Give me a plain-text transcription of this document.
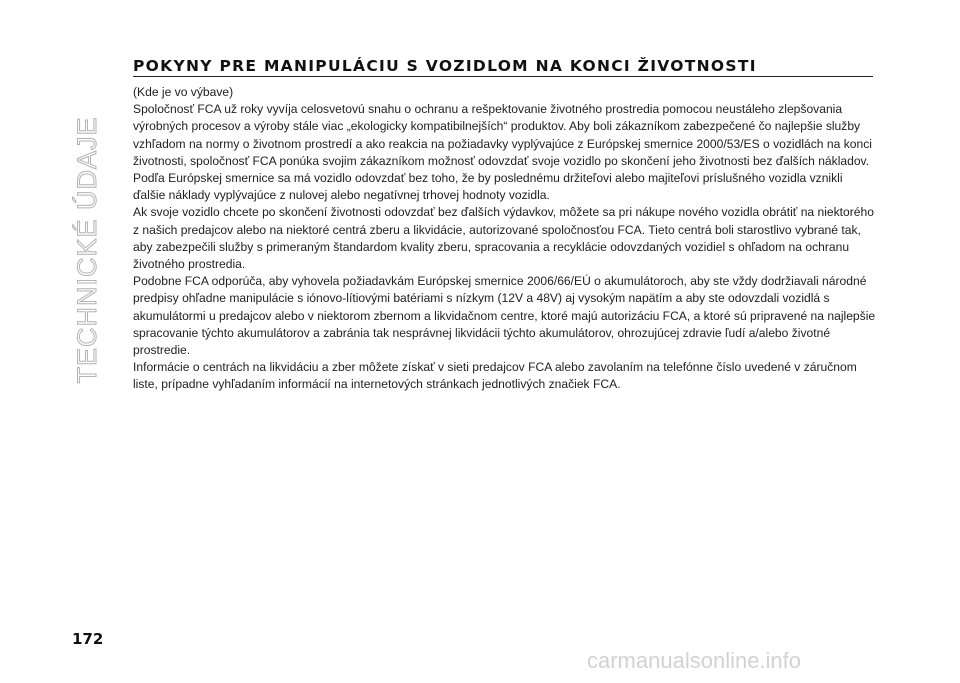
TECHNICKÉ ÚDAJE
POKYNY PRE MANIPULÁCIU S VOZIDLOM NA KONCI ŽIVOTNOSTI

(Kde je vo výbave)

Spoločnosť FCA už roky vyvíja celosvetovú snahu o ochranu a rešpektovanie životného prostredia pomocou neustáleho zlepšovania výrobných procesov a výroby stále viac „ekologicky kompatibilnejších“ produktov. Aby boli zákazníkom zabezpečené čo najlepšie služby vzhľadom na normy o životnom prostredí a ako reakcia na požiadavky vyplývajúce z Európskej smernice 2000/53/ES o vozidlách na konci životnosti, spoločnosť FCA ponúka svojim zákazníkom možnosť odovzdať svoje vozidlo po skončení jeho životnosti bez ďalších nákladov. Podľa Európskej smernice sa má vozidlo odovzdať bez toho, že by poslednému držiteľovi alebo majiteľovi príslušného vozidla vznikli ďalšie náklady vyplývajúce z nulovej alebo negatívnej trhovej hodnoty vozidla.

Ak svoje vozidlo chcete po skončení životnosti odovzdať bez ďalších výdavkov, môžete sa pri nákupe nového vozidla obrátiť na niektorého z našich predajcov alebo na niektoré centrá zberu a likvidácie, autorizované spoločnosťou FCA. Tieto centrá boli starostlivo vybrané tak, aby zabezpečili služby s primeraným štandardom kvality zberu, spracovania a recyklácie odovzdaných vozidiel s ohľadom na ochranu životného prostredia.

Podobne FCA odporúča, aby vyhovela požiadavkám Európskej smernice 2006/66/EÚ o akumulátoroch, aby ste vždy dodržiavali národné predpisy ohľadne manipulácie s iónovo-lítiovými batériami s nízkym (12V a 48V) aj vysokým napätím a aby ste odovzdali vozidlá s akumulátormi u predajcov alebo v niektorom zbernom a likvidačnom centre, ktoré majú autorizáciu FCA, a ktoré sú pripravené na najlepšie spracovanie týchto akumulátorov a zabránia tak nesprávnej likvidácii týchto akumulátorov, ohrozujúcej zdravie ľudí a/alebo životné prostredie.

Informácie o centrách na likvidáciu a zber môžete získať v sieti predajcov FCA alebo zavolaním na telefónne číslo uvedené v záručnom liste, prípadne vyhľadaním informácií na internetových stránkach jednotlivých značiek FCA.

172
carmanualsonline.info
